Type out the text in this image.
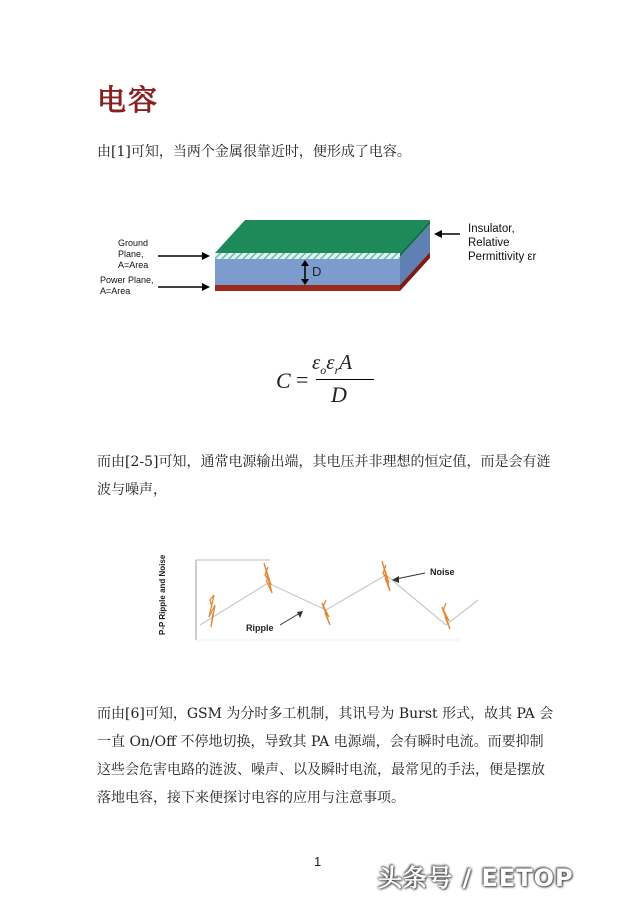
电容
由[1]可知，当两个金属很靠近时，便形成了电容。
Ground
Plane,
A=Area
Power Plane,
A=Area
Insulator,
Relative
Permittivity εr
D
C =
$\varepsilon_o\varepsilon_rA$
D
而由[2-5]可知，通常电源输出端，其电压并非理想的恒定值，而是会有涟波与噪声，
P-P Ripple and Noise	Noise
Ripple
而由[6]可知，GSM 为分时多工机制，其讯号为 Burst 形式，故其 PA 会一直 On/Off 不停地切换，导致其 PA 电源端，会有瞬时电流。而要抑制这些会危害电路的涟波、噪声、以及瞬时电流，最常见的手法，便是摆放落地电容，接下来便探讨电容的应用与注意事项。
1
头条号 / EETOP
